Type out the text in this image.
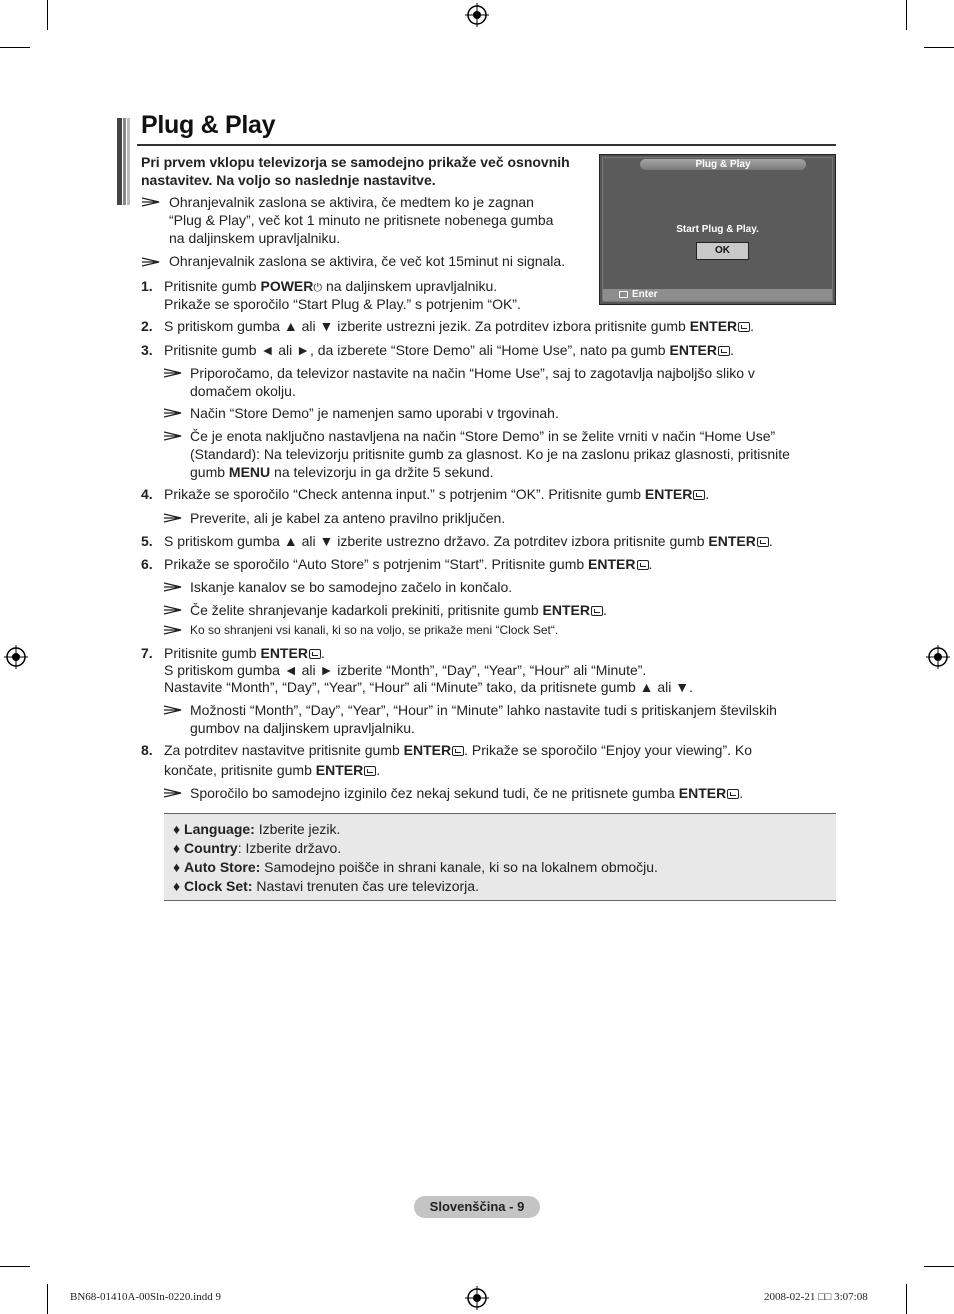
Plug & Play
Pri prvem vklopu televizorja se samodejno prikaže več osnovnih nastavitev. Na voljo so naslednje nastavitve.
Plug & Play
Start Plug & Play.
OK
Enter
Ohranjevalnik zaslona se aktivira, če medtem ko je zagnan
“Plug & Play”, več kot 1 minuto ne pritisnete nobenega gumba
na daljinskem upravljalniku.
Ohranjevalnik zaslona se aktivira, če več kot 15minut ni signala.
1. Pritisnite gumb POWER⏻ na daljinskem upravljalniku.
Prikaže se sporočilo “Start Plug & Play.” s potrjenim “OK”.
2. S pritiskom gumba ▲ ali ▼ izberite ustrezni jezik. Za potrditev izbora pritisnite gumb ENTER .
3. Pritisnite gumb ◄ ali ►, da izberete “Store Demo” ali “Home Use”, nato pa gumb ENTER .
Priporočamo, da televizor nastavite na način “Home Use”, saj to zagotavlja najboljšo sliko v
domačem okolju.
Način “Store Demo” je namenjen samo uporabi v trgovinah.
Če je enota naključno nastavljena na način “Store Demo” in se želite vrniti v način “Home Use”
(Standard): Na televizorju pritisnite gumb za glasnost. Ko je na zaslonu prikaz glasnosti, pritisnite
gumb MENU na televizorju in ga držite 5 sekund.
4. Prikaže se sporočilo “Check antenna input.” s potrjenim “OK”. Pritisnite gumb ENTER .
Preverite, ali je kabel za anteno pravilno priključen.
5. S pritiskom gumba ▲ ali ▼ izberite ustrezno državo. Za potrditev izbora pritisnite gumb ENTER .
6. Prikaže se sporočilo “Auto Store” s potrjenim “Start”. Pritisnite gumb ENTER .
Iskanje kanalov se bo samodejno začelo in končalo.
Če želite shranjevanje kadarkoli prekiniti, pritisnite gumb ENTER .
Ko so shranjeni vsi kanali, ki so na voljo, se prikaže meni “Clock Set“.
7. Pritisnite gumb ENTER .
S pritiskom gumba ◄ ali ► izberite “Month”, “Day”, “Year”, “Hour” ali “Minute”.
Nastavite “Month”, “Day”, “Year”, “Hour” ali “Minute” tako, da pritisnete gumb ▲ ali ▼.
Možnosti “Month”, “Day”, “Year”, “Hour” in “Minute” lahko nastavite tudi s pritiskanjem številskih
gumbov na daljinskem upravljalniku.
8. Za potrditev nastavitve pritisnite gumb ENTER . Prikaže se sporočilo “Enjoy your viewing”. Ko
končate, pritisnite gumb ENTER .
Sporočilo bo samodejno izginilo čez nekaj sekund tudi, če ne pritisnete gumba ENTER .
♦ Language: Izberite jezik.
♦ Country: Izberite državo.
♦ Auto Store: Samodejno poišče in shrani kanale, ki so na lokalnem območju.
♦ Clock Set: Nastavi trenuten čas ure televizorja.
Slovenščina - 9
BN68-01410A-00Sln-0220.indd 9	2008-02-21 □□ 3:07:08
